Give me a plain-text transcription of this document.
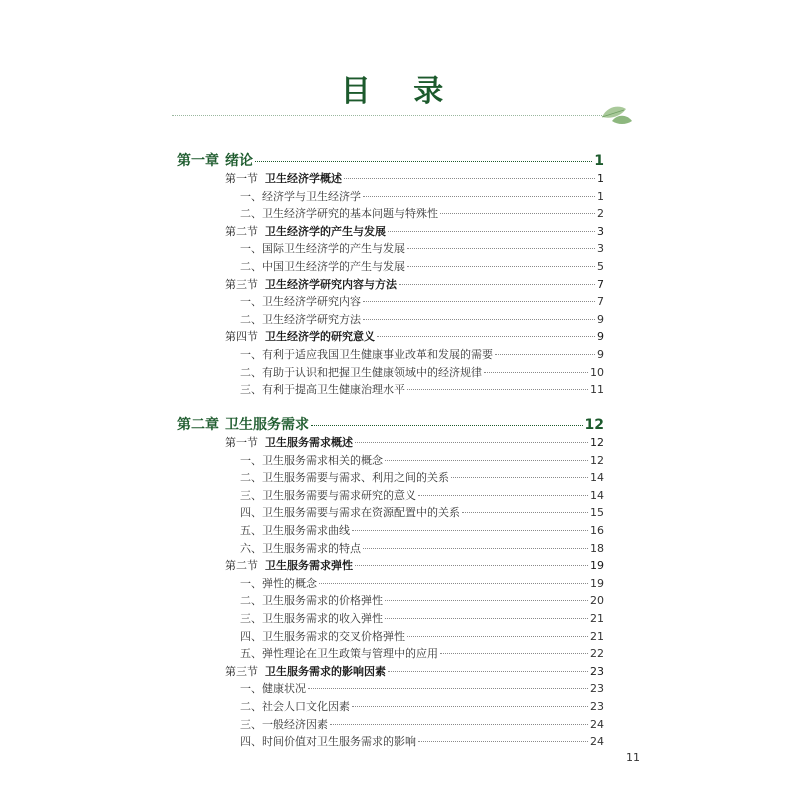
目 录
第一章 绪论	1
第一节 卫生经济学概述	1
一、经济学与卫生经济学	1
二、卫生经济学研究的基本问题与特殊性	2
第二节 卫生经济学的产生与发展	3
一、国际卫生经济学的产生与发展	3
二、中国卫生经济学的产生与发展	5
第三节 卫生经济学研究内容与方法	7
一、卫生经济学研究内容	7
二、卫生经济学研究方法	9
第四节 卫生经济学的研究意义	9
一、有利于适应我国卫生健康事业改革和发展的需要	9
二、有助于认识和把握卫生健康领域中的经济规律	10
三、有利于提高卫生健康治理水平	11
第二章 卫生服务需求	12
第一节 卫生服务需求概述	12
一、卫生服务需求相关的概念	12
二、卫生服务需要与需求、利用之间的关系	14
三、卫生服务需要与需求研究的意义	14
四、卫生服务需要与需求在资源配置中的关系	15
五、卫生服务需求曲线	16
六、卫生服务需求的特点	18
第二节 卫生服务需求弹性	19
一、弹性的概念	19
二、卫生服务需求的价格弹性	20
三、卫生服务需求的收入弹性	21
四、卫生服务需求的交叉价格弹性	21
五、弹性理论在卫生政策与管理中的应用	22
第三节 卫生服务需求的影响因素	23
一、健康状况	23
二、社会人口文化因素	23
三、一般经济因素	24
四、时间价值对卫生服务需求的影响	24
11
